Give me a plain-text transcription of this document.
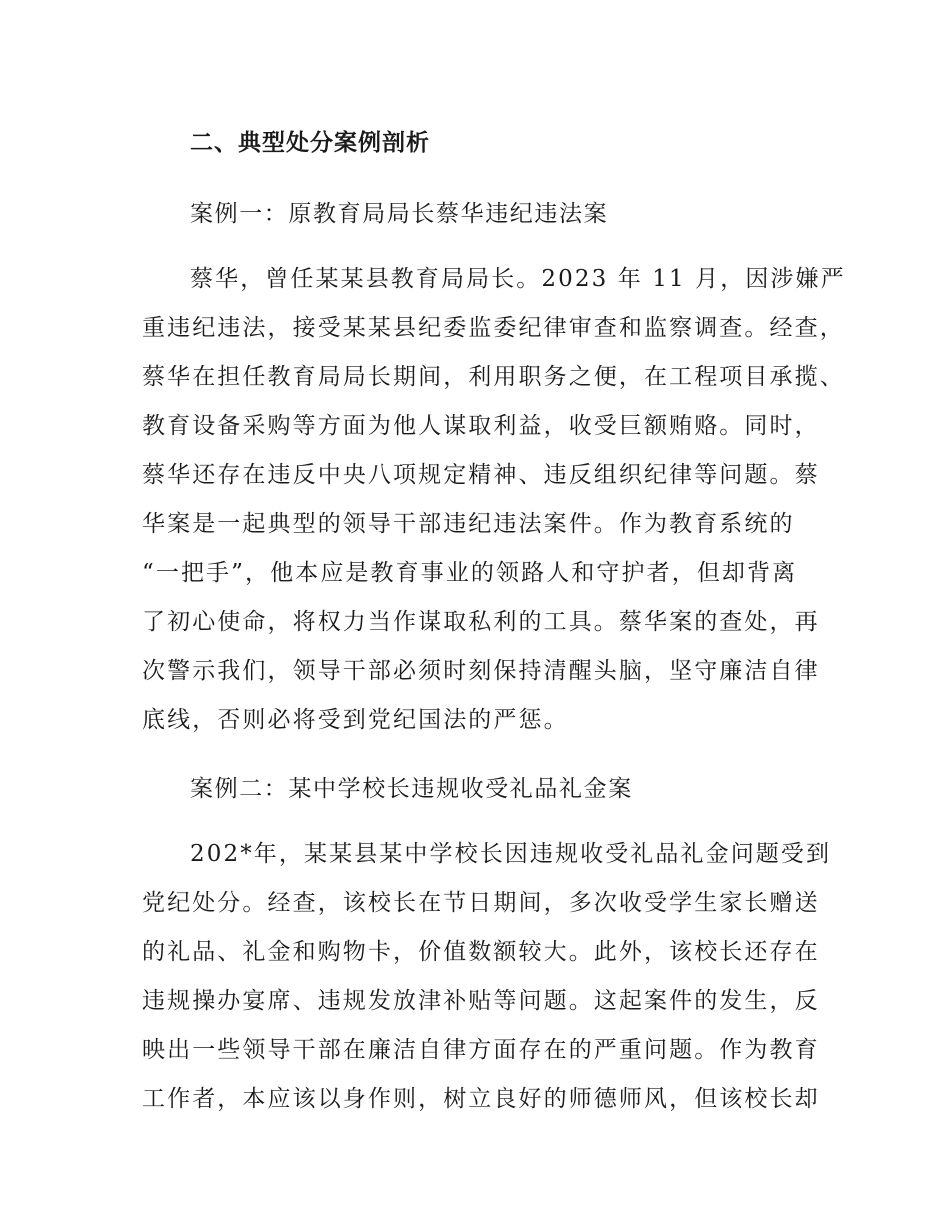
二、典型处分案例剖析
案例一：原教育局局长蔡华违纪违法案
蔡华，曾任某某县教育局局长。2023 年 11 月，因涉嫌严
重违纪违法，接受某某县纪委监委纪律审查和监察调查。经查，
蔡华在担任教育局局长期间，利用职务之便，在工程项目承揽、
教育设备采购等方面为他人谋取利益，收受巨额贿赂。同时，
蔡华还存在违反中央八项规定精神、违反组织纪律等问题。蔡
华案是一起典型的领导干部违纪违法案件。作为教育系统的
“一把手”，他本应是教育事业的领路人和守护者，但却背离
了初心使命，将权力当作谋取私利的工具。蔡华案的查处，再
次警示我们，领导干部必须时刻保持清醒头脑，坚守廉洁自律
底线，否则必将受到党纪国法的严惩。
案例二：某中学校长违规收受礼品礼金案
202*年，某某县某中学校长因违规收受礼品礼金问题受到
党纪处分。经查，该校长在节日期间，多次收受学生家长赠送
的礼品、礼金和购物卡，价值数额较大。此外，该校长还存在
违规操办宴席、违规发放津补贴等问题。这起案件的发生，反
映出一些领导干部在廉洁自律方面存在的严重问题。作为教育
工作者，本应该以身作则，树立良好的师德师风，但该校长却
